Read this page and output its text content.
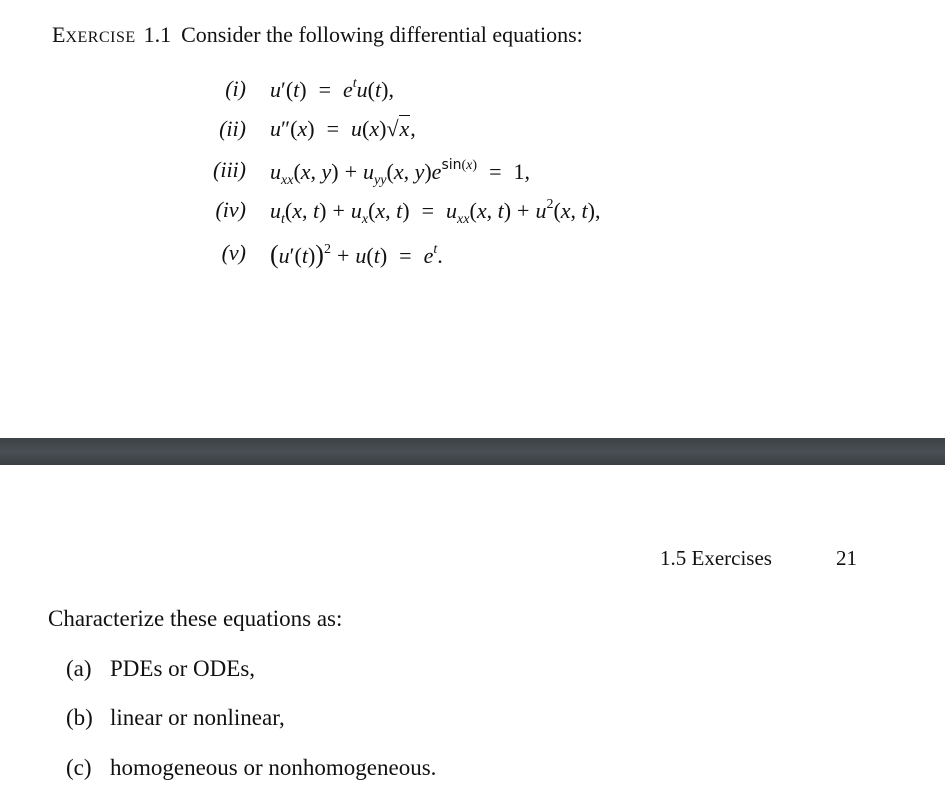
EXERCISE 1.1 Consider the following differential equations:
(i) $u'(t) = e^tu(t)$,
(ii) u″(x) = u(x)√x,
(iii) $u_{xx}(x$, $y) + u_{yy}(x$, $y)e^{sin(x)} = 1$,
(iv) $u_t(x$, $t) + u_x(x$, $t) = u_{xx}(x$, $t) + u^2(x$, t),
(v) $(u'(t))^2 + u(t) = e^t$.
1.5 Exercises	21
Characterize these equations as:
(a) PDEs or ODEs,
(b) linear or nonlinear,
(c) homogeneous or nonhomogeneous.
